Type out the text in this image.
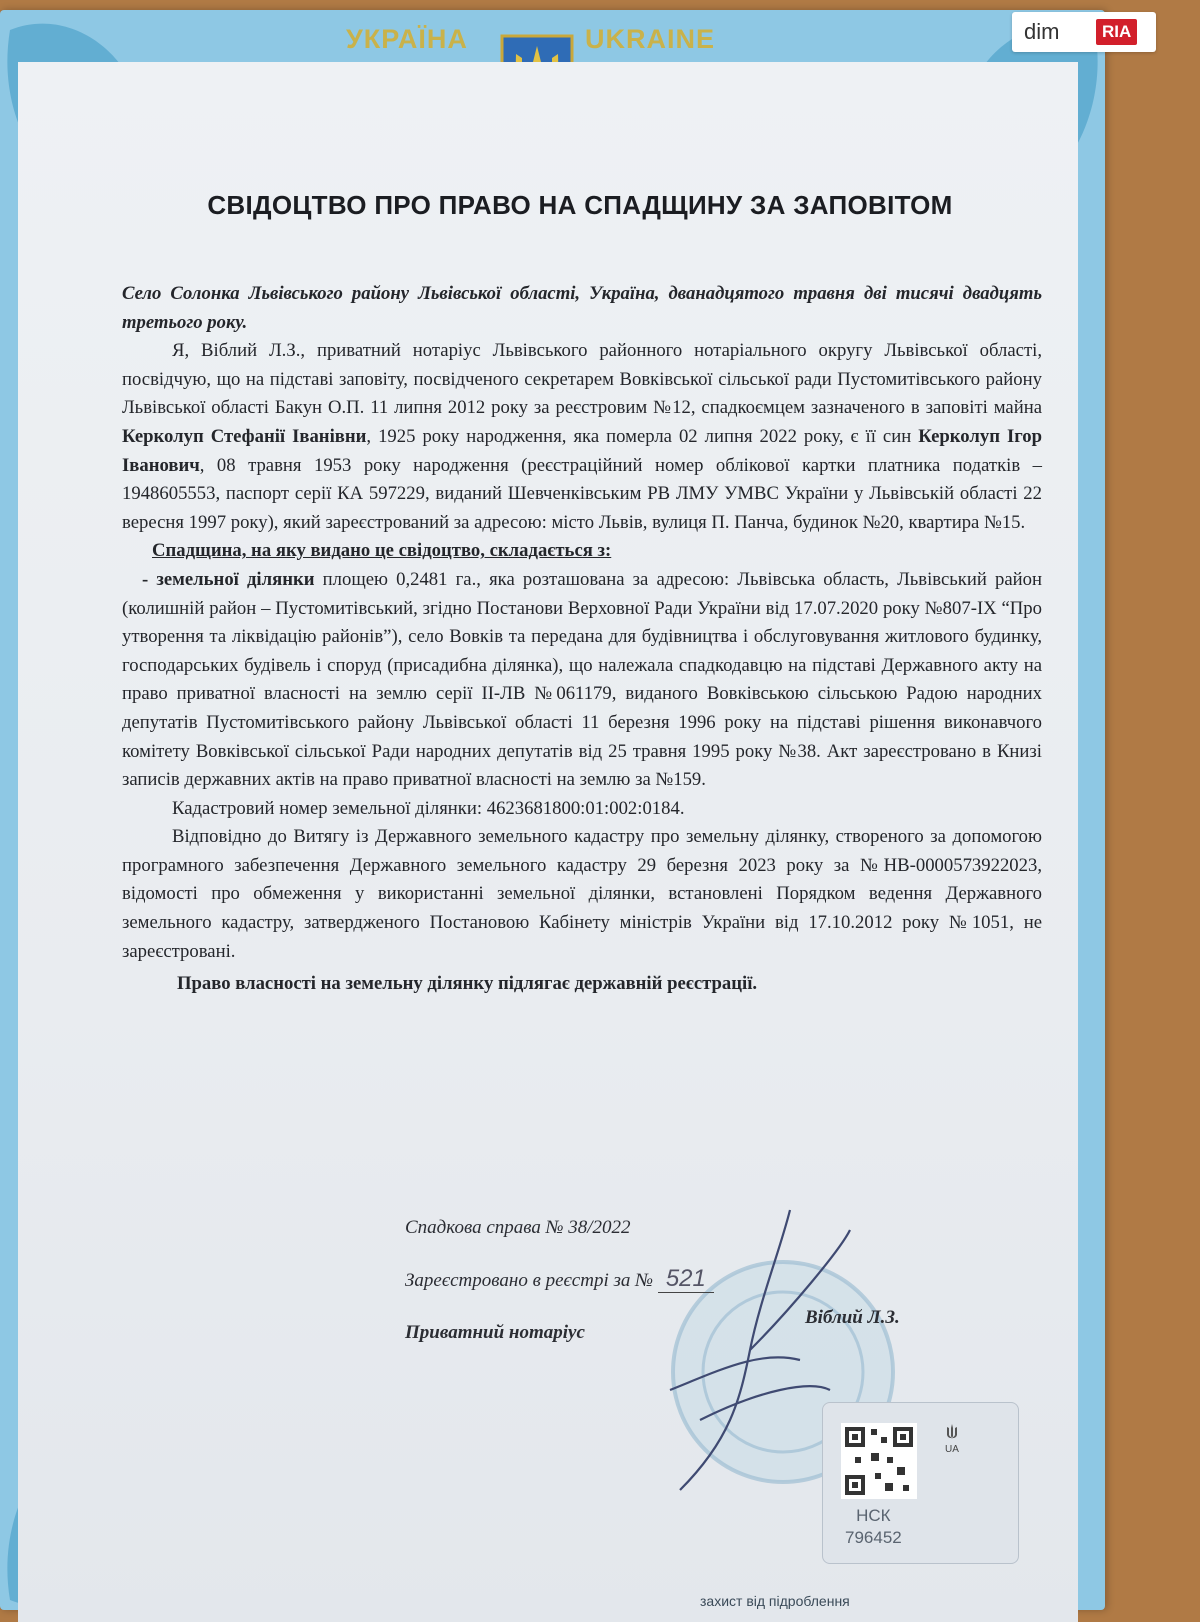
УКРАЇНА	UKRAINE
СВІДОЦТВО ПРО ПРАВО НА СПАДЩИНУ ЗА ЗАПОВІТОМ

Село Солонка Львівського району Львівської області, Україна, дванадцятого травня дві тисячі двадцять третього року.

Я, Віблий Л.З., приватний нотаріус Львівського районного нотаріального округу Львівської області, посвідчую, що на підставі заповіту, посвідченого секретарем Вовківської сільської ради Пустомитівського району Львівської області Бакун О.П. 11 липня 2012 року за реєстровим №12, спадкоємцем зазначеного в заповіті майна Керколуп Стефанії Іванівни, 1925 року народження, яка померла 02 липня 2022 року, є її син Керколуп Ігор Іванович, 08 травня 1953 року народження (реєстраційний номер облікової картки платника податків – 1948605553, паспорт серії КА 597229, виданий Шевченківським РВ ЛМУ УМВС України у Львівській області 22 вересня 1997 року), який зареєстрований за адресою: місто Львів, вулиця П. Панча, будинок №20, квартира №15.

Спадщина, на яку видано це свідоцтво, складається з:

- земельної ділянки площею 0,2481 га., яка розташована за адресою: Львівська область, Львівський район (колишній район – Пустомитівський, згідно Постанови Верховної Ради України від 17.07.2020 року №807-IX “Про утворення та ліквідацію районів”), село Вовків та передана для будівництва і обслуговування житлового будинку, господарських будівель і споруд (присадибна ділянка), що належала спадкодавцю на підставі Державного акту на право приватної власності на землю серії ІІ-ЛВ №061179, виданого Вовківською сільською Радою народних депутатів Пустомитівського району Львівської області 11 березня 1996 року на підставі рішення виконавчого комітету Вовківської сільської Ради народних депутатів від 25 травня 1995 року №38. Акт зареєстровано в Книзі записів державних актів на право приватної власності на землю за №159.

Кадастровий номер земельної ділянки: 4623681800:01:002:0184.

Відповідно до Витягу із Державного земельного кадастру про земельну ділянку, створеного за допомогою програмного забезпечення Державного земельного кадастру 29 березня 2023 року за №НВ-0000573922023, відомості про обмеження у використанні земельної ділянки, встановлені Порядком ведення Державного земельного кадастру, затвердженого Постановою Кабінету міністрів України від 17.10.2012 року №1051, не зареєстровані.

Право власності на земельну ділянку підлягає державній реєстрації.

Спадкова справа № 38/2022
Зареєстровано в реєстрі за № 521
Приватний нотаріус
Віблий Л.З.
UA
НСК
796452
захист від підроблення
dim	RIA
